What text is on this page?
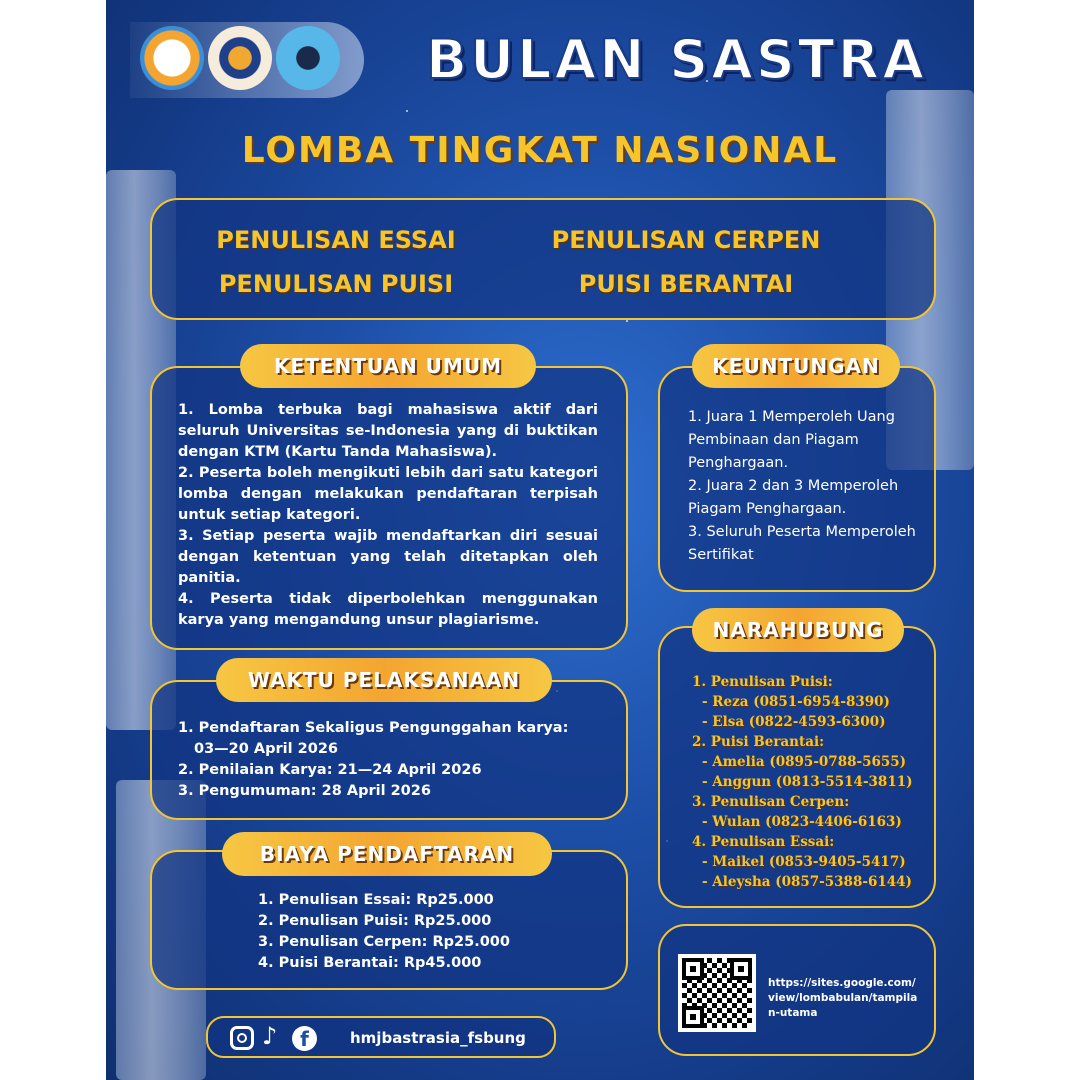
BULAN SASTRA
LOMBA TINGKAT NASIONAL
PENULISAN ESSAI	PENULISAN CERPEN
PENULISAN PUISI	PUISI BERANTAI
KETENTUAN UMUM
1. Lomba terbuka bagi mahasiswa aktif dari seluruh Universitas se-Indonesia yang di buktikan dengan KTM (Kartu Tanda Mahasiswa).
2. Peserta boleh mengikuti lebih dari satu kategori lomba dengan melakukan pendaftaran terpisah untuk setiap kategori.
3. Setiap peserta wajib mendaftarkan diri sesuai dengan ketentuan yang telah ditetapkan oleh panitia.
4. Peserta tidak diperbolehkan menggunakan karya yang mengandung unsur plagiarisme.
KEUNTUNGAN
1. Juara 1 Memperoleh Uang Pembinaan dan Piagam Penghargaan.
2. Juara 2 dan 3 Memperoleh Piagam Penghargaan.
3. Seluruh Peserta Memperoleh Sertifikat
WAKTU PELAKSANAAN
1. Pendaftaran Sekaligus Pengunggahan karya:
03—20 April 2026
2. Penilaian Karya: 21—24 April 2026
3. Pengumuman: 28 April 2026
BIAYA PENDAFTARAN
1. Penulisan Essai: Rp25.000
2. Penulisan Puisi: Rp25.000
3. Penulisan Cerpen: Rp25.000
4. Puisi Berantai: Rp45.000
NARAHUBUNG
1. Penulisan Puisi:
- Reza (0851-6954-8390)
- Elsa (0822-4593-6300)
2. Puisi Berantai:
- Amelia (0895-0788-5655)
- Anggun (0813-5514-3811)
3. Penulisan Cerpen:
- Wulan (0823-4406-6163)
4. Penulisan Essai:
- Maikel (0853-9405-5417)
- Aleysha (0857-5388-6144)
https://sites.google.com/view/lombabulan/tampilan-utama
♪	f	hmjbastrasia_fsbung
